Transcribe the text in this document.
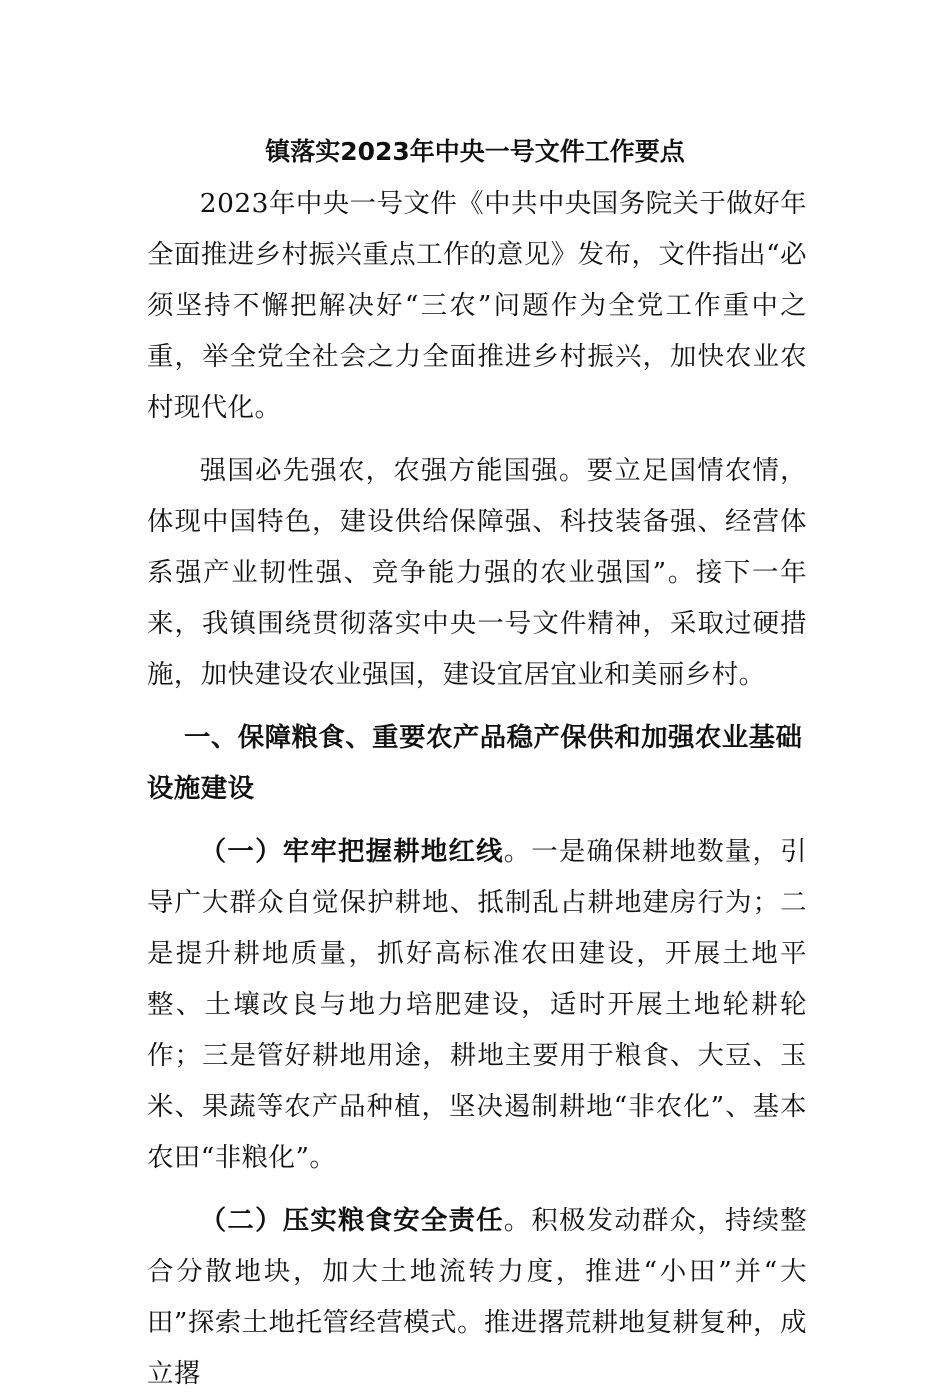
镇落实2023年中央一号文件工作要点

2023年中央一号文件《中共中央国务院关于做好年全面推进乡村振兴重点工作的意见》发布，文件指出“必须坚持不懈把解决好“三农”问题作为全党工作重中之重，举全党全社会之力全面推进乡村振兴，加快农业农村现代化。

强国必先强农，农强方能国强。要立足国情农情，体现中国特色，建设供给保障强、科技装备强、经营体系强产业韧性强、竞争能力强的农业强国”。接下一年来，我镇围绕贯彻落实中央一号文件精神，采取过硬措施，加快建设农业强国，建设宜居宜业和美丽乡村。

一、保障粮食、重要农产品稳产保供和加强农业基础设施建设

（一）牢牢把握耕地红线。一是确保耕地数量，引导广大群众自觉保护耕地、抵制乱占耕地建房行为；二是提升耕地质量，抓好高标准农田建设，开展土地平整、土壤改良与地力培肥建设，适时开展土地轮耕轮作；三是管好耕地用途，耕地主要用于粮食、大豆、玉米、果蔬等农产品种植，坚决遏制耕地“非农化”、基本农田“非粮化”。

（二）压实粮食安全责任。积极发动群众，持续整合分散地块，加大土地流转力度，推进“小田”并“大田”探索土地托管经营模式。推进撂荒耕地复耕复种，成立撂
